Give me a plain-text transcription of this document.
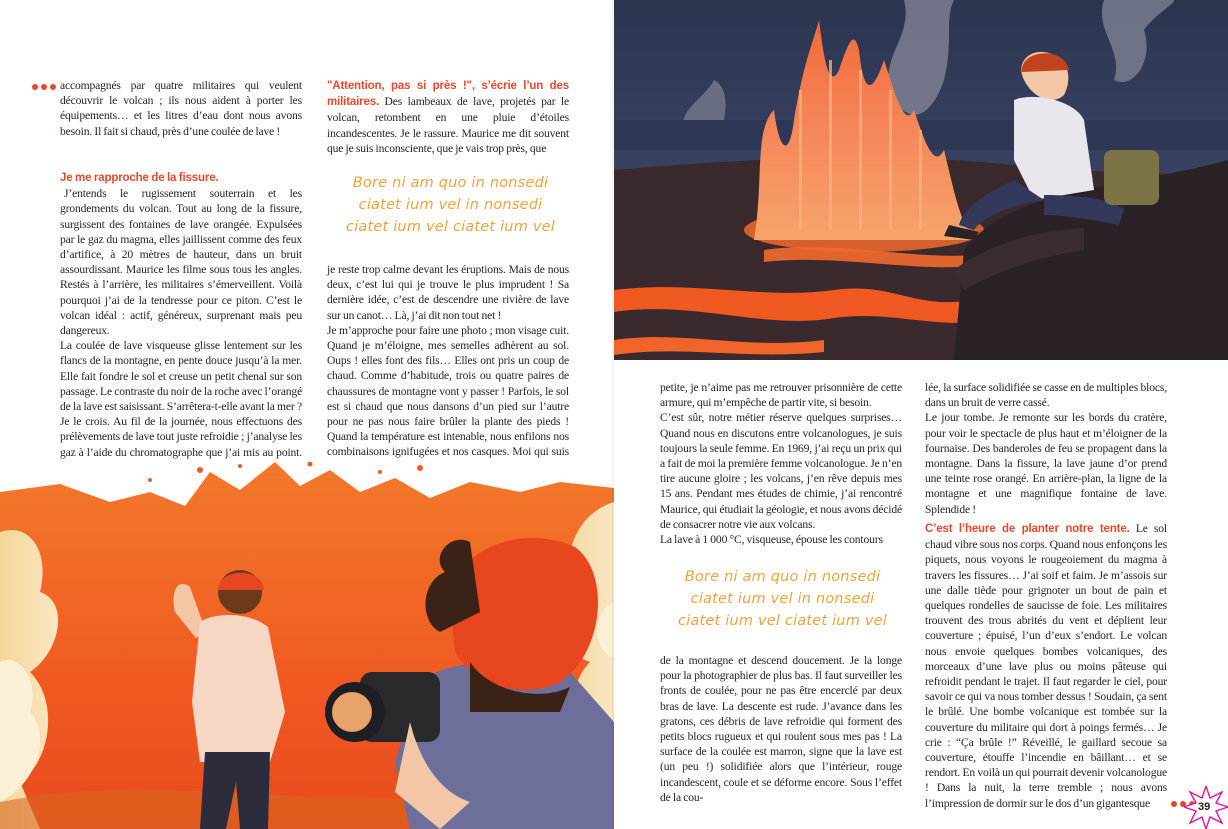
accompagnés par quatre militaires qui veulent découvrir le volcan ; ils nous aident à porter les équipements… et les litres d’eau dont nous avons besoin. Il fait si chaud, près d’une coulée de lave !

Je me rapproche de la fissure.

J’entends le rugissement souterrain et les grondements du volcan. Tout au long de la fissure, surgissent des fontaines de lave orangée. Expulsées par le gaz du magma, elles jaillissent comme des feux d’artifice, à 20 mètres de hauteur, dans un bruit assourdissant. Maurice les filme sous tous les angles. Restés à l’arrière, les militaires s’émerveillent. Voilà pourquoi j’ai de la tendresse pour ce piton. C’est le volcan idéal : actif, généreux, surprenant mais peu dangereux.

La coulée de lave visqueuse glisse lentement sur les flancs de la montagne, en pente douce jusqu’à la mer. Elle fait fondre le sol et creuse un petit chenal sur son passage. Le contraste du noir de la roche avec l’orangé de la lave est saisissant. S’arrêtera-t-elle avant la mer ? Je le crois. Au fil de la journée, nous effectuons des prélèvements de lave tout juste refroidie ; j’analyse les gaz à l’aide du chromatographe que j’ai mis au point.

"Attention, pas si près !", s’écrie l’un des militaires. Des lambeaux de lave, projetés par le volcan, retombent en une pluie d’étoiles incandescentes. Je le rassure. Maurice me dit souvent que je suis inconsciente, que je vais trop près, que

Bore ni am quo in nonsedi ciatet ium vel in nonsedi ciatet ium vel ciatet ium vel

je reste trop calme devant les éruptions. Mais de nous deux, c’est lui qui je trouve le plus imprudent ! Sa dernière idée, c’est de descendre une rivière de lave sur un canot… Là, j’ai dit non tout net !

Je m’approche pour faire une photo ; mon visage cuit. Quand je m’éloigne, mes semelles adhèrent au sol. Oups ! elles font des fils… Elles ont pris un coup de chaud. Comme d’habitude, trois ou quatre paires de chaussures de montagne vont y passer ! Parfois, le sol est si chaud que nous dansons d’un pied sur l’autre pour ne pas nous faire brûler la plante des pieds ! Quand la température est intenable, nous enfilons nos combinaisons ignifugées et nos casques. Moi qui suis

petite, je n’aime pas me retrouver prisonnière de cette armure, qui m’empêche de partir vite, si besoin.

C’est sûr, notre métier réserve quelques surprises… Quand nous en discutons entre volcanologues, je suis toujours la seule femme. En 1969, j’ai reçu un prix qui a fait de moi la première femme volcanologue. Je n’en tire aucune gloire ; les volcans, j’en rêve depuis mes 15 ans. Pendant mes études de chimie, j’ai rencontré Maurice, qui étudiait la géologie, et nous avons décidé de consacrer notre vie aux volcans.

La lave à 1 000 °C, visqueuse, épouse les contours

Bore ni am quo in nonsedi ciatet ium vel in nonsedi ciatet ium vel ciatet ium vel

de la montagne et descend doucement. Je la longe pour la photographier de plus bas. Il faut surveiller les fronts de coulée, pour ne pas être encerclé par deux bras de lave. La descente est rude. J’avance dans les gratons, ces débris de lave refroidie qui forment des petits blocs rugueux et qui roulent sous mes pas ! La surface de la coulée est marron, signe que la lave est (un peu !) solidifiée alors que l’intérieur, rouge incandescent, coule et se déforme encore. Sous l’effet de la cou-

lée, la surface solidifiée se casse en de multiples blocs, dans un bruit de verre cassé.

Le jour tombe. Je remonte sur les bords du cratère, pour voir le spectacle de plus haut et m’éloigner de la fournaise. Des banderoles de feu se propagent dans la montagne. Dans la fissure, la lave jaune d’or prend une teinte rose orangé. En arrière-plan, la ligne de la montagne et une magnifique fontaine de lave. Splendide !

C’est l’heure de planter notre tente. Le sol chaud vibre sous nos corps. Quand nous enfonçons les piquets, nous voyons le rougeoiement du magma à travers les fissures… J’ai soif et faim. Je m’assois sur une dalle tiède pour grignoter un bout de pain et quelques rondelles de saucisse de foie. Les militaires trouvent des trous abrités du vent et déplient leur couverture ; épuisé, l’un d’eux s’endort. Le volcan nous envoie quelques bombes volcaniques, des morceaux d’une lave plus ou moins pâteuse qui refroidit pendant le trajet. Il faut regarder le ciel, pour savoir ce qui va nous tomber dessus ! Soudain, ça sent le brûlé. Une bombe volcanique est tombée sur la couverture du militaire qui dort à poings fermés… Je crie : “Ça brûle !” Réveillé, le gaillard secoue sa couverture, étouffe l’incendie en bâillant… et se rendort. En voilà un qui pourrait devenir volcanologue ! Dans la nuit, la terre tremble ; nous avons l’impression de dormir sur le dos d’un gigantesque	39
